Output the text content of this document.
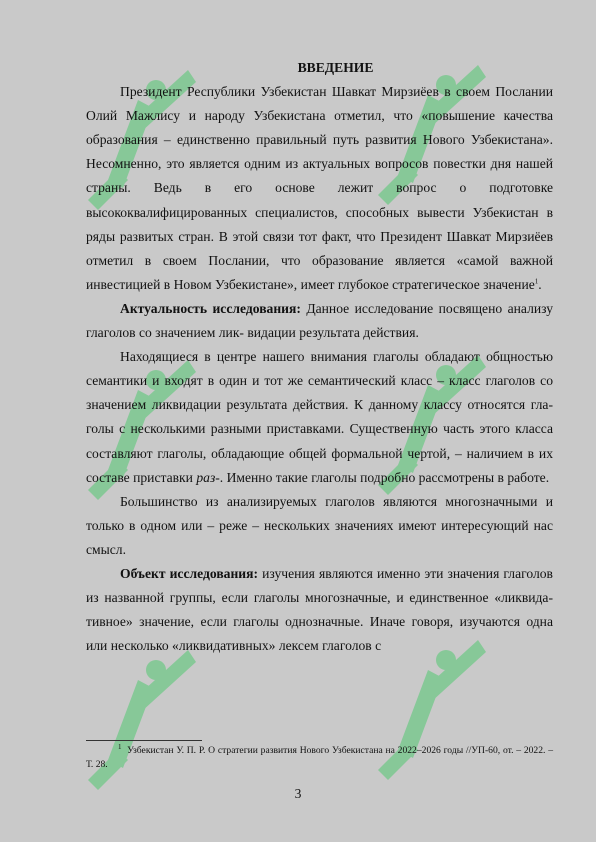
ВВЕДЕНИЕ

Президент Республики Узбекистан Шавкат Мирзиёев в своем Послании Олий Мажлису и народу Узбекистана отметил, что «повышение качества образования – единственно правильный путь развития Нового Узбекистана». Несомненно, это является одним из актуальных вопросов повестки дня нашей страны. Ведь в его основе лежит вопрос о подготовке высококвалифицированных специалистов, способных вывести Узбекистан в ряды развитых стран. В этой связи тот факт, что Президент Шавкат Мирзиёев отметил в своем Послании, что образование является «самой важной инвестицией в Новом Узбекистане», имеет глубокое стратегическое значение$^1$.

Актуальность исследования: Данное исследование посвящено анализу глаголов со значением лик- видации результата действия.

Находящиеся в центре нашего внимания глаголы обладают общностью семантики и входят в один и тот же семантический класс – класс глаголов со значением ликвидации результата действия. К данному классу относятся гла- голы с несколькими разными приставками. Существенную часть этого класса составляют глаголы, обладающие общей формальной чертой, – наличием в их составе приставки раз-. Именно такие глаголы подробно рассмотрены в работе.

Большинство из анализируемых глаголов являются многозначными и только в одном или – реже – нескольких значениях имеют интересующий нас смысл.

Объект исследования: изучения являются именно эти значения глаголов из названной группы, если глаголы многозначные, и единственное «ликвида- тивное» значение, если глаголы однозначные. Иначе говоря, изучаются одна или несколько «ликвидативных» лексем глаголов с

$^1$ Узбекистан У. П. Р. О стратегии развития Нового Узбекистана на 2022–2026 годы //УП-60, от. – 2022. – Т. 28.
3
